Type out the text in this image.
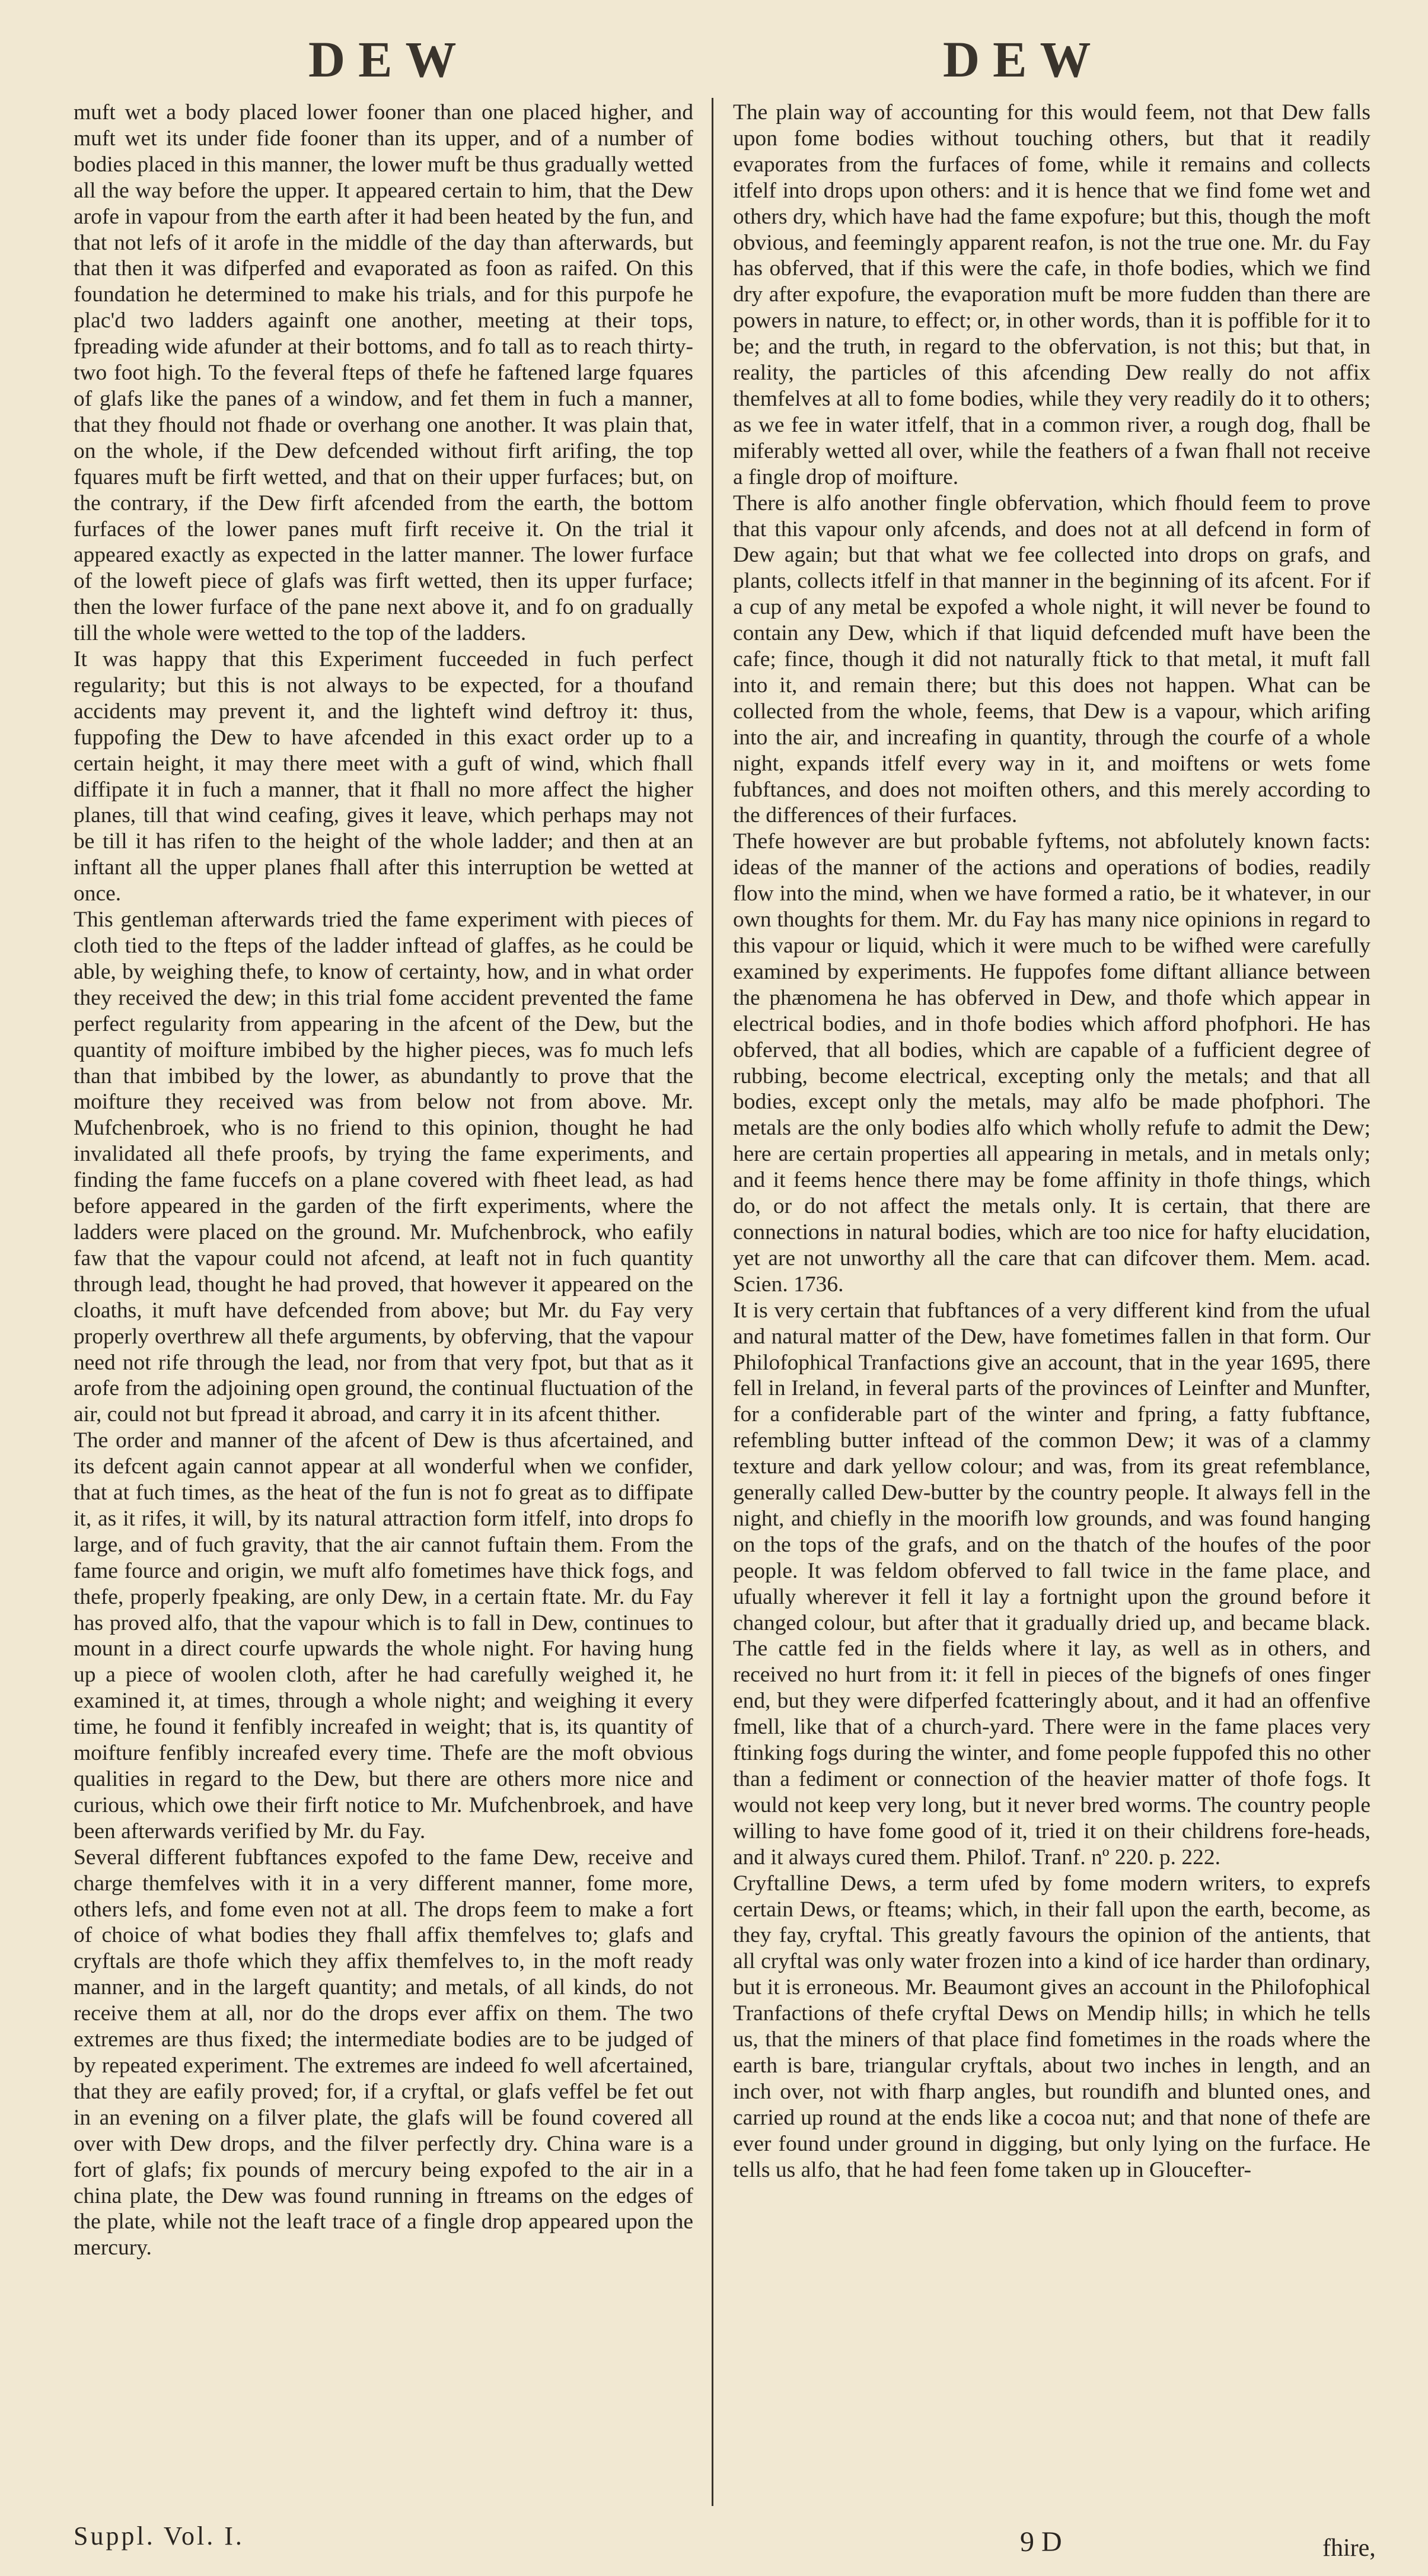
DEW	DEW

muft wet a body placed lower fooner than one placed higher, and muft wet its under fide fooner than its upper, and of a number of bodies placed in this manner, the lower muft be thus gradually wetted all the way before the upper. It appeared certain to him, that the Dew arofe in vapour from the earth after it had been heated by the fun, and that not lefs of it arofe in the middle of the day than afterwards, but that then it was difperfed and evaporated as foon as raifed. On this foundation he determined to make his trials, and for this purpofe he plac'd two ladders againft one another, meeting at their tops, fpreading wide afunder at their bottoms, and fo tall as to reach thirty-two foot high. To the feveral fteps of thefe he faftened large fquares of glafs like the panes of a window, and fet them in fuch a manner, that they fhould not fhade or overhang one another. It was plain that, on the whole, if the Dew defcended without firft arifing, the top fquares muft be firft wetted, and that on their upper furfaces; but, on the contrary, if the Dew firft afcended from the earth, the bottom furfaces of the lower panes muft firft receive it. On the trial it appeared exactly as expected in the latter manner. The lower furface of the loweft piece of glafs was firft wetted, then its upper furface; then the lower furface of the pane next above it, and fo on gradually till the whole were wetted to the top of the ladders.

It was happy that this Experiment fucceeded in fuch perfect regularity; but this is not always to be expected, for a thoufand accidents may prevent it, and the lighteft wind deftroy it: thus, fuppofing the Dew to have afcended in this exact order up to a certain height, it may there meet with a guft of wind, which fhall diffipate it in fuch a manner, that it fhall no more affect the higher planes, till that wind ceafing, gives it leave, which perhaps may not be till it has rifen to the height of the whole ladder; and then at an inftant all the upper planes fhall after this interruption be wetted at once.

This gentleman afterwards tried the fame experiment with pieces of cloth tied to the fteps of the ladder inftead of glaffes, as he could be able, by weighing thefe, to know of certainty, how, and in what order they received the dew; in this trial fome accident prevented the fame perfect regularity from appearing in the afcent of the Dew, but the quantity of moifture imbibed by the higher pieces, was fo much lefs than that imbibed by the lower, as abundantly to prove that the moifture they received was from below not from above. Mr. Mufchenbroek, who is no friend to this opinion, thought he had invalidated all thefe proofs, by trying the fame experiments, and finding the fame fuccefs on a plane covered with fheet lead, as had before appeared in the garden of the firft experiments, where the ladders were placed on the ground. Mr. Mufchenbrock, who eafily faw that the vapour could not afcend, at leaft not in fuch quantity through lead, thought he had proved, that however it appeared on the cloaths, it muft have defcended from above; but Mr. du Fay very properly overthrew all thefe arguments, by obferving, that the vapour need not rife through the lead, nor from that very fpot, but that as it arofe from the adjoining open ground, the continual fluctuation of the air, could not but fpread it abroad, and carry it in its afcent thither.

The order and manner of the afcent of Dew is thus afcertained, and its defcent again cannot appear at all wonderful when we confider, that at fuch times, as the heat of the fun is not fo great as to diffipate it, as it rifes, it will, by its natural attraction form itfelf, into drops fo large, and of fuch gravity, that the air cannot fuftain them. From the fame fource and origin, we muft alfo fometimes have thick fogs, and thefe, properly fpeaking, are only Dew, in a certain ftate. Mr. du Fay has proved alfo, that the vapour which is to fall in Dew, continues to mount in a direct courfe upwards the whole night. For having hung up a piece of woolen cloth, after he had carefully weighed it, he examined it, at times, through a whole night; and weighing it every time, he found it fenfibly increafed in weight; that is, its quantity of moifture fenfibly increafed every time. Thefe are the moft obvious qualities in regard to the Dew, but there are others more nice and curious, which owe their firft notice to Mr. Mufchenbroek, and have been afterwards verified by Mr. du Fay.

Several different fubftances expofed to the fame Dew, receive and charge themfelves with it in a very different manner, fome more, others lefs, and fome even not at all. The drops feem to make a fort of choice of what bodies they fhall affix themfelves to; glafs and cryftals are thofe which they affix themfelves to, in the moft ready manner, and in the largeft quantity; and metals, of all kinds, do not receive them at all, nor do the drops ever affix on them. The two extremes are thus fixed; the intermediate bodies are to be judged of by repeated experiment. The extremes are indeed fo well afcertained, that they are eafily proved; for, if a cryftal, or glafs veffel be fet out in an evening on a filver plate, the glafs will be found covered all over with Dew drops, and the filver perfectly dry. China ware is a fort of glafs; fix pounds of mercury being expofed to the air in a china plate, the Dew was found running in ftreams on the edges of the plate, while not the leaft trace of a fingle drop appeared upon the mercury.

The plain way of accounting for this would feem, not that Dew falls upon fome bodies without touching others, but that it readily evaporates from the furfaces of fome, while it remains and collects itfelf into drops upon others: and it is hence that we find fome wet and others dry, which have had the fame expofure; but this, though the moft obvious, and feemingly apparent reafon, is not the true one. Mr. du Fay has obferved, that if this were the cafe, in thofe bodies, which we find dry after expofure, the evaporation muft be more fudden than there are powers in nature, to effect; or, in other words, than it is poffible for it to be; and the truth, in regard to the obfervation, is not this; but that, in reality, the particles of this afcending Dew really do not affix themfelves at all to fome bodies, while they very readily do it to others; as we fee in water itfelf, that in a common river, a rough dog, fhall be miferably wetted all over, while the feathers of a fwan fhall not receive a fingle drop of moifture.

There is alfo another fingle obfervation, which fhould feem to prove that this vapour only afcends, and does not at all defcend in form of Dew again; but that what we fee collected into drops on grafs, and plants, collects itfelf in that manner in the beginning of its afcent. For if a cup of any metal be expofed a whole night, it will never be found to contain any Dew, which if that liquid defcended muft have been the cafe; fince, though it did not naturally ftick to that metal, it muft fall into it, and remain there; but this does not happen. What can be collected from the whole, feems, that Dew is a vapour, which arifing into the air, and increafing in quantity, through the courfe of a whole night, expands itfelf every way in it, and moiftens or wets fome fubftances, and does not moiften others, and this merely according to the differences of their furfaces.

Thefe however are but probable fyftems, not abfolutely known facts: ideas of the manner of the actions and operations of bodies, readily flow into the mind, when we have formed a ratio, be it whatever, in our own thoughts for them. Mr. du Fay has many nice opinions in regard to this vapour or liquid, which it were much to be wifhed were carefully examined by experiments. He fuppofes fome diftant alliance between the phænomena he has obferved in Dew, and thofe which appear in electrical bodies, and in thofe bodies which afford phofphori. He has obferved, that all bodies, which are capable of a fufficient degree of rubbing, become electrical, excepting only the metals; and that all bodies, except only the metals, may alfo be made phofphori. The metals are the only bodies alfo which wholly refufe to admit the Dew; here are certain properties all appearing in metals, and in metals only; and it feems hence there may be fome affinity in thofe things, which do, or do not affect the metals only. It is certain, that there are connections in natural bodies, which are too nice for hafty elucidation, yet are not unworthy all the care that can difcover them. Mem. acad. Scien. 1736.

It is very certain that fubftances of a very different kind from the ufual and natural matter of the Dew, have fometimes fallen in that form. Our Philofophical Tranfactions give an account, that in the year 1695, there fell in Ireland, in feveral parts of the provinces of Leinfter and Munfter, for a confiderable part of the winter and fpring, a fatty fubftance, refembling butter inftead of the common Dew; it was of a clammy texture and dark yellow colour; and was, from its great refemblance, generally called Dew-butter by the country people. It always fell in the night, and chiefly in the moorifh low grounds, and was found hanging on the tops of the grafs, and on the thatch of the houfes of the poor people. It was feldom obferved to fall twice in the fame place, and ufually wherever it fell it lay a fortnight upon the ground before it changed colour, but after that it gradually dried up, and became black. The cattle fed in the fields where it lay, as well as in others, and received no hurt from it: it fell in pieces of the bignefs of ones finger end, but they were difperfed fcatteringly about, and it had an offenfive fmell, like that of a church-yard. There were in the fame places very ftinking fogs during the winter, and fome people fuppofed this no other than a fediment or connection of the heavier matter of thofe fogs. It would not keep very long, but it never bred worms. The country people willing to have fome good of it, tried it on their childrens fore-heads, and it always cured them. Philof. Tranf. nº 220. p. 222.

Cryftalline Dews, a term ufed by fome modern writers, to exprefs certain Dews, or fteams; which, in their fall upon the earth, become, as they fay, cryftal. This greatly favours the opinion of the antients, that all cryftal was only water frozen into a kind of ice harder than ordinary, but it is erroneous. Mr. Beaumont gives an account in the Philofophical Tranfactions of thefe cryftal Dews on Mendip hills; in which he tells us, that the miners of that place find fometimes in the roads where the earth is bare, triangular cryftals, about two inches in length, and an inch over, not with fharp angles, but roundifh and blunted ones, and carried up round at the ends like a cocoa nut; and that none of thefe are ever found under ground in digging, but only lying on the furface. He tells us alfo, that he had feen fome taken up in Gloucefter-

Suppl. Vol. I.	9 D	fhire,
